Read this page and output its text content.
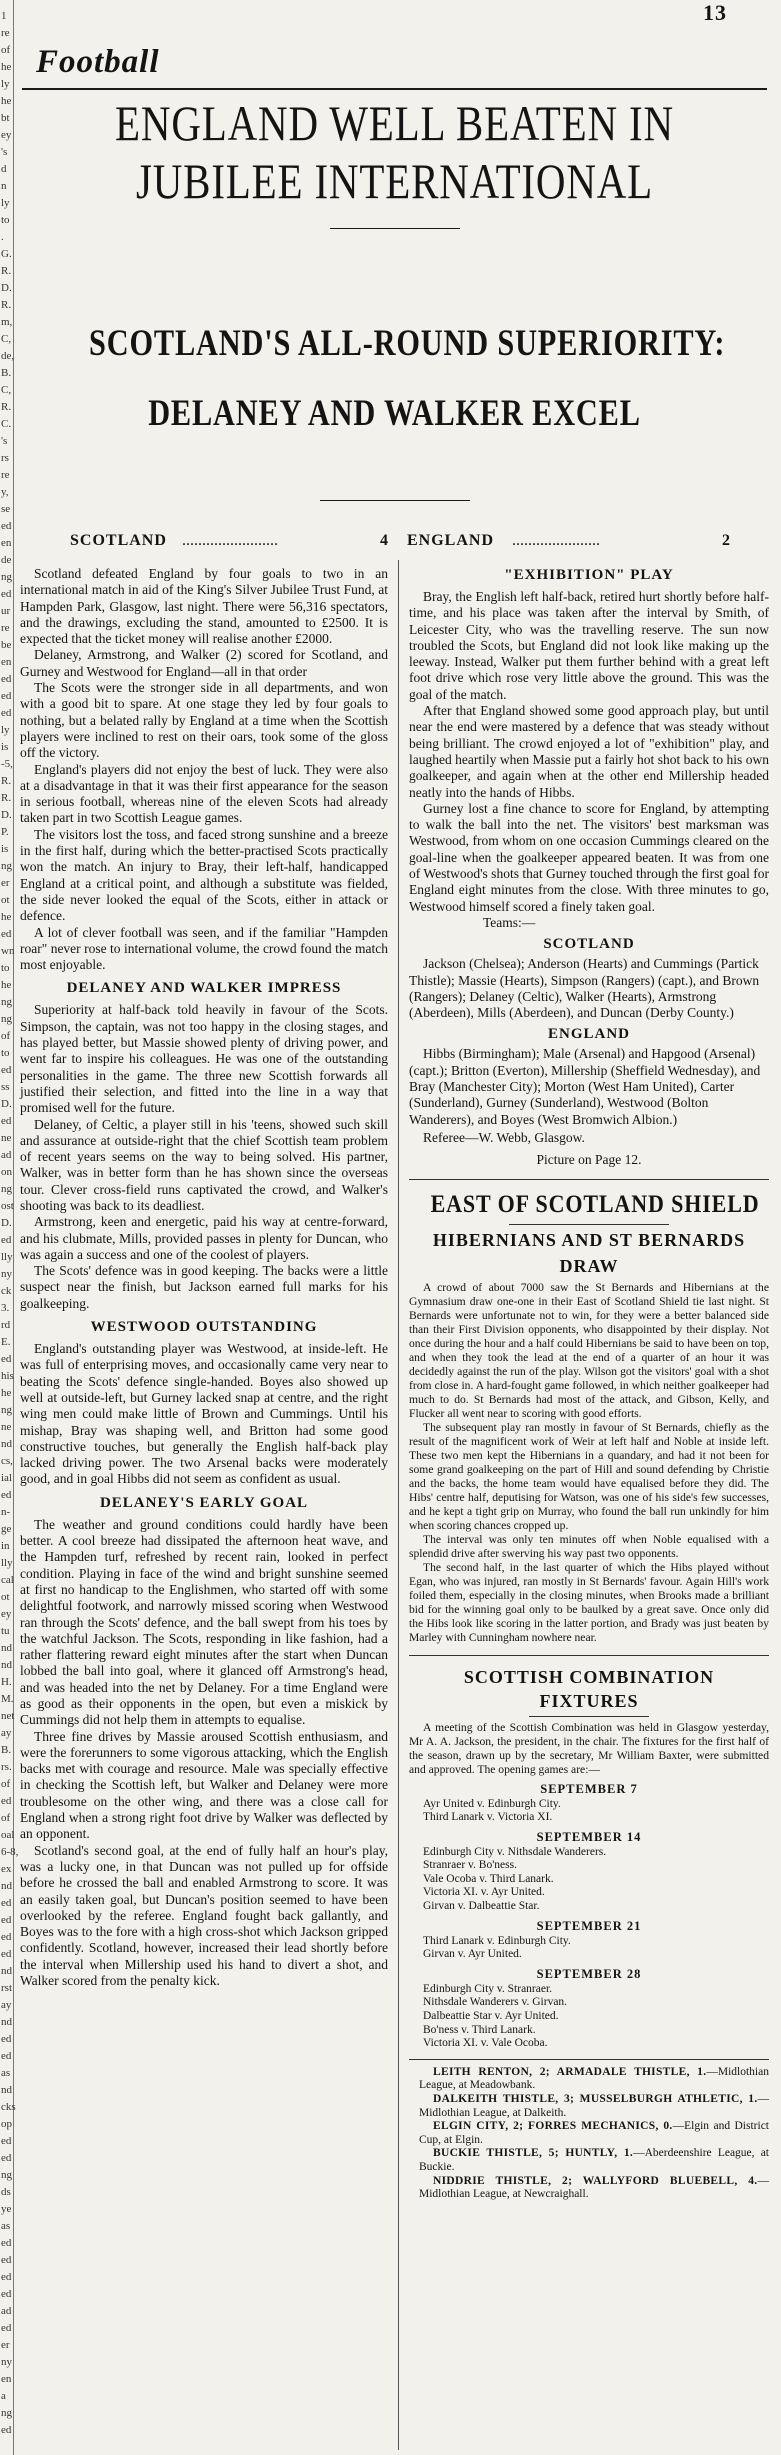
1
re
of
he
ly
he
bt
ey
's
d
n
ly
to
.
G.
R.
D.
R.
m,
C,
de,
B.
C,
R.
C.
's
rs
re
y,
se
ed
en
de
ng
ed
ur
re
be
en
ed
ed
ed
ly
is
-5,
R.
R.
D.
P.
is
ng
er
ot
he
ed
wn
to
he
ng
ng
of
to
ed
ss
D.
ed
ne
ad
on
ng
ost
D.
ed
lly
ny
ck
3.
rd
E.
ed
his
he
ng
ne
nd
cs,
ial
ed
n-
ge
in
lly
cal
ot
ey
tu
nd
nd
H.
M.
net
ay
B.
rs.
of
ed
of
oal
6-8,
ex
nd
ed
ed
ed
ed
nd
rst
ay
nd
ed
ed
as
nd
cks
op
ed
ed
ng
ds
ye
as
ed
ed
ed
ed
ad
ed
er
ny
en
a
ng
ed
13
Football
ENGLAND WELL BEATEN IN
JUBILEE INTERNATIONAL
SCOTLAND'S ALL-ROUND SUPERIORITY:
DELANEY AND WALKER EXCEL
SCOTLAND ........................	4 ENGLAND ......................	2

Scotland defeated England by four goals to two in an international match in aid of the King's Silver Jubilee Trust Fund, at Hampden Park, Glasgow, last night. There were 56,316 spectators, and the drawings, excluding the stand, amounted to £2500. It is expected that the ticket money will realise another £2000.

Delaney, Armstrong, and Walker (2) scored for Scotland, and Gurney and Westwood for England—all in that order

The Scots were the stronger side in all departments, and won with a good bit to spare. At one stage they led by four goals to nothing, but a belated rally by England at a time when the Scottish players were inclined to rest on their oars, took some of the gloss off the victory.

England's players did not enjoy the best of luck. They were also at a disadvantage in that it was their first appearance for the season in serious football, whereas nine of the eleven Scots had already taken part in two Scottish League games.

The visitors lost the toss, and faced strong sunshine and a breeze in the first half, during which the better-practised Scots practically won the match. An injury to Bray, their left-half, handicapped England at a critical point, and although a substitute was fielded, the side never looked the equal of the Scots, either in attack or defence.

A lot of clever football was seen, and if the familiar "Hampden roar" never rose to international volume, the crowd found the match most enjoyable.

DELANEY AND WALKER IMPRESS

Superiority at half-back told heavily in favour of the Scots. Simpson, the captain, was not too happy in the closing stages, and has played better, but Massie showed plenty of driving power, and went far to inspire his colleagues. He was one of the outstanding personalities in the game. The three new Scottish forwards all justified their selection, and fitted into the line in a way that promised well for the future.

Delaney, of Celtic, a player still in his 'teens, showed such skill and assurance at outside-right that the chief Scottish team problem of recent years seems on the way to being solved. His partner, Walker, was in better form than he has shown since the overseas tour. Clever cross-field runs captivated the crowd, and Walker's shooting was back to its deadliest.

Armstrong, keen and energetic, paid his way at centre-forward, and his clubmate, Mills, provided passes in plenty for Duncan, who was again a success and one of the coolest of players.

The Scots' defence was in good keeping. The backs were a little suspect near the finish, but Jackson earned full marks for his goalkeeping.

WESTWOOD OUTSTANDING

England's outstanding player was Westwood, at inside-left. He was full of enterprising moves, and occasionally came very near to beating the Scots' defence single-handed. Boyes also showed up well at outside-left, but Gurney lacked snap at centre, and the right wing men could make little of Brown and Cummings. Until his mishap, Bray was shaping well, and Britton had some good constructive touches, but generally the English half-back play lacked driving power. The two Arsenal backs were moderately good, and in goal Hibbs did not seem as confident as usual.

DELANEY'S EARLY GOAL

The weather and ground conditions could hardly have been better. A cool breeze had dissipated the afternoon heat wave, and the Hampden turf, refreshed by recent rain, looked in perfect condition. Playing in face of the wind and bright sunshine seemed at first no handicap to the Englishmen, who started off with some delightful footwork, and narrowly missed scoring when Westwood ran through the Scots' defence, and the ball swept from his toes by the watchful Jackson. The Scots, responding in like fashion, had a rather flattering reward eight minutes after the start when Duncan lobbed the ball into goal, where it glanced off Armstrong's head, and was headed into the net by Delaney. For a time England were as good as their opponents in the open, but even a miskick by Cummings did not help them in attempts to equalise.

Three fine drives by Massie aroused Scottish enthusiasm, and were the forerunners to some vigorous attacking, which the English backs met with courage and resource. Male was specially effective in checking the Scottish left, but Walker and Delaney were more troublesome on the other wing, and there was a close call for England when a strong right foot drive by Walker was deflected by an opponent.

Scotland's second goal, at the end of fully half an hour's play, was a lucky one, in that Duncan was not pulled up for offside before he crossed the ball and enabled Armstrong to score. It was an easily taken goal, but Duncan's position seemed to have been overlooked by the referee. England fought back gallantly, and Boyes was to the fore with a high cross-shot which Jackson gripped confidently. Scotland, however, increased their lead shortly before the interval when Millership used his hand to divert a shot, and Walker scored from the penalty kick.

"EXHIBITION" PLAY

Bray, the English left half-back, retired hurt shortly before half-time, and his place was taken after the interval by Smith, of Leicester City, who was the travelling reserve. The sun now troubled the Scots, but England did not look like making up the leeway. Instead, Walker put them further behind with a great left foot drive which rose very little above the ground. This was the goal of the match.

After that England showed some good approach play, but until near the end were mastered by a defence that was steady without being brilliant. The crowd enjoyed a lot of "exhibition" play, and laughed heartily when Massie put a fairly hot shot back to his own goalkeeper, and again when at the other end Millership headed neatly into the hands of Hibbs.

Gurney lost a fine chance to score for England, by attempting to walk the ball into the net. The visitors' best marksman was Westwood, from whom on one occasion Cummings cleared on the goal-line when the goalkeeper appeared beaten. It was from one of Westwood's shots that Gurney touched through the first goal for England eight minutes from the close. With three minutes to go, Westwood himself scored a finely taken goal.

Teams:—

SCOTLAND

Jackson (Chelsea); Anderson (Hearts) and Cummings (Partick Thistle); Massie (Hearts), Simpson (Rangers) (capt.), and Brown (Rangers); Delaney (Celtic), Walker (Hearts), Armstrong (Aberdeen), Mills (Aberdeen), and Duncan (Derby County.)

ENGLAND

Hibbs (Birmingham); Male (Arsenal) and Hapgood (Arsenal) (capt.); Britton (Everton), Millership (Sheffield Wednesday), and Bray (Manchester City); Morton (West Ham United), Carter (Sunderland), Gurney (Sunderland), Westwood (Bolton Wanderers), and Boyes (West Bromwich Albion.)

Referee—W. Webb, Glasgow.

Picture on Page 12.

EAST OF SCOTLAND SHIELD
HIBERNIANS AND ST BERNARDS
DRAW

A crowd of about 7000 saw the St Bernards and Hibernians at the Gymnasium draw one-one in their East of Scotland Shield tie last night. St Bernards were unfortunate not to win, for they were a better balanced side than their First Division opponents, who disappointed by their display. Not once during the hour and a half could Hibernians be said to have been on top, and when they took the lead at the end of a quarter of an hour it was decidedly against the run of the play. Wilson got the visitors' goal with a shot from close in. A hard-fought game followed, in which neither goalkeeper had much to do. St Bernards had most of the attack, and Gibson, Kelly, and Flucker all went near to scoring with good efforts.

The subsequent play ran mostly in favour of St Bernards, chiefly as the result of the magnificent work of Weir at left half and Noble at inside left. These two men kept the Hibernians in a quandary, and had it not been for some grand goalkeeping on the part of Hill and sound defending by Christie and the backs, the home team would have equalised before they did. The Hibs' centre half, deputising for Watson, was one of his side's few successes, and he kept a tight grip on Murray, who found the ball run unkindly for him when scoring chances cropped up.

The interval was only ten minutes off when Noble equalised with a splendid drive after swerving his way past two opponents.

The second half, in the last quarter of which the Hibs played without Egan, who was injured, ran mostly in St Bernards' favour. Again Hill's work foiled them, especially in the closing minutes, when Brooks made a brilliant bid for the winning goal only to be baulked by a great save. Once only did the Hibs look like scoring in the latter portion, and Brady was just beaten by Marley with Cunningham nowhere near.

SCOTTISH COMBINATION
FIXTURES

A meeting of the Scottish Combination was held in Glasgow yesterday, Mr A. A. Jackson, the president, in the chair. The fixtures for the first half of the season, drawn up by the secretary, Mr William Baxter, were submitted and approved. The opening games are:—

SEPTEMBER 7
Ayr United v. Edinburgh City.
Third Lanark v. Victoria XI.
SEPTEMBER 14
Edinburgh City v. Nithsdale Wanderers.
Stranraer v. Bo'ness.
Vale Ocoba v. Third Lanark.
Victoria XI. v. Ayr United.
Girvan v. Dalbeattie Star.
SEPTEMBER 21
Third Lanark v. Edinburgh City.
Girvan v. Ayr United.
SEPTEMBER 28
Edinburgh City v. Stranraer.
Nithsdale Wanderers v. Girvan.
Dalbeattie Star v. Ayr United.
Bo'ness v. Third Lanark.
Victoria XI. v. Vale Ocoba.

LEITH RENTON, 2; ARMADALE THISTLE, 1.—Midlothian League, at Meadowbank.

DALKEITH THISTLE, 3; MUSSELBURGH ATHLETIC, 1.—Midlothian League, at Dalkeith.

ELGIN CITY, 2; FORRES MECHANICS, 0.—Elgin and District Cup, at Elgin.

BUCKIE THISTLE, 5; HUNTLY, 1.—Aberdeenshire League, at Buckie.

NIDDRIE THISTLE, 2; WALLYFORD BLUEBELL, 4.—Midlothian League, at Newcraighall.
